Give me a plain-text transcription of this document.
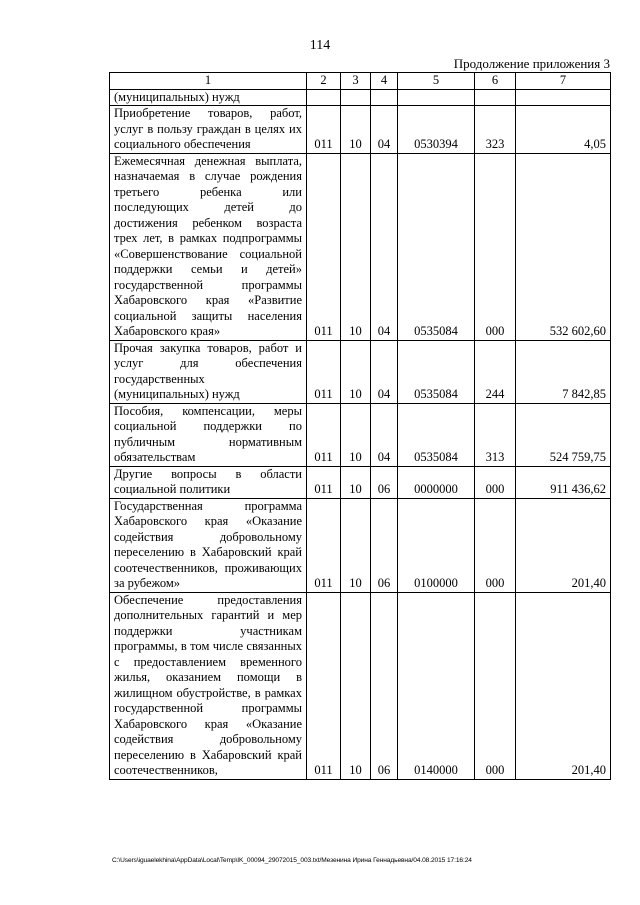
114
Продолжение приложения 3
1	2	3	4	5	6	7
(муниципальных) нужд						
Приобретение товаров, работ, услуг в пользу граждан в целях их социального обеспечения	011	10	04	0530394	323	4,05
Ежемесячная денежная выплата, назначаемая в случае рождения третьего ребенка или последующих детей до достижения ребенком возраста трех лет, в рамках подпрограммы «Совершенствование социальной поддержки семьи и детей» государственной программы Хабаровского края «Развитие социальной защиты населения Хабаровского края»	011	10	04	0535084	000	532 602,60
Прочая закупка товаров, работ и услуг для обеспечения государственных (муниципальных) нужд	011	10	04	0535084	244	7 842,85
Пособия, компенсации, меры социальной поддержки по публичным нормативным обязательствам	011	10	04	0535084	313	524 759,75
Другие вопросы в области социальной политики	011	10	06	0000000	000	911 436,62
Государственная программа Хабаровского края «Оказание содействия добровольному переселению в Хабаровский край соотечественников, проживающих за рубежом»	011	10	06	0100000	000	201,40
Обеспечение предоставления дополнительных гарантий и мер поддержки участникам программы, в том числе связанных с предоставлением временного жилья, оказанием помощи в жилищном обустройстве, в рамках государственной программы Хабаровского края «Оказание содействия добровольному переселению в Хабаровский край соотечественников,	011	10	06	0140000	000	201,40
C:\Users\iguaelekhina\AppData\Local\Temp\IK_00094_29072015_003.txt/Мезенина Ирина Геннадьевна/04.08.2015 17:16:24
